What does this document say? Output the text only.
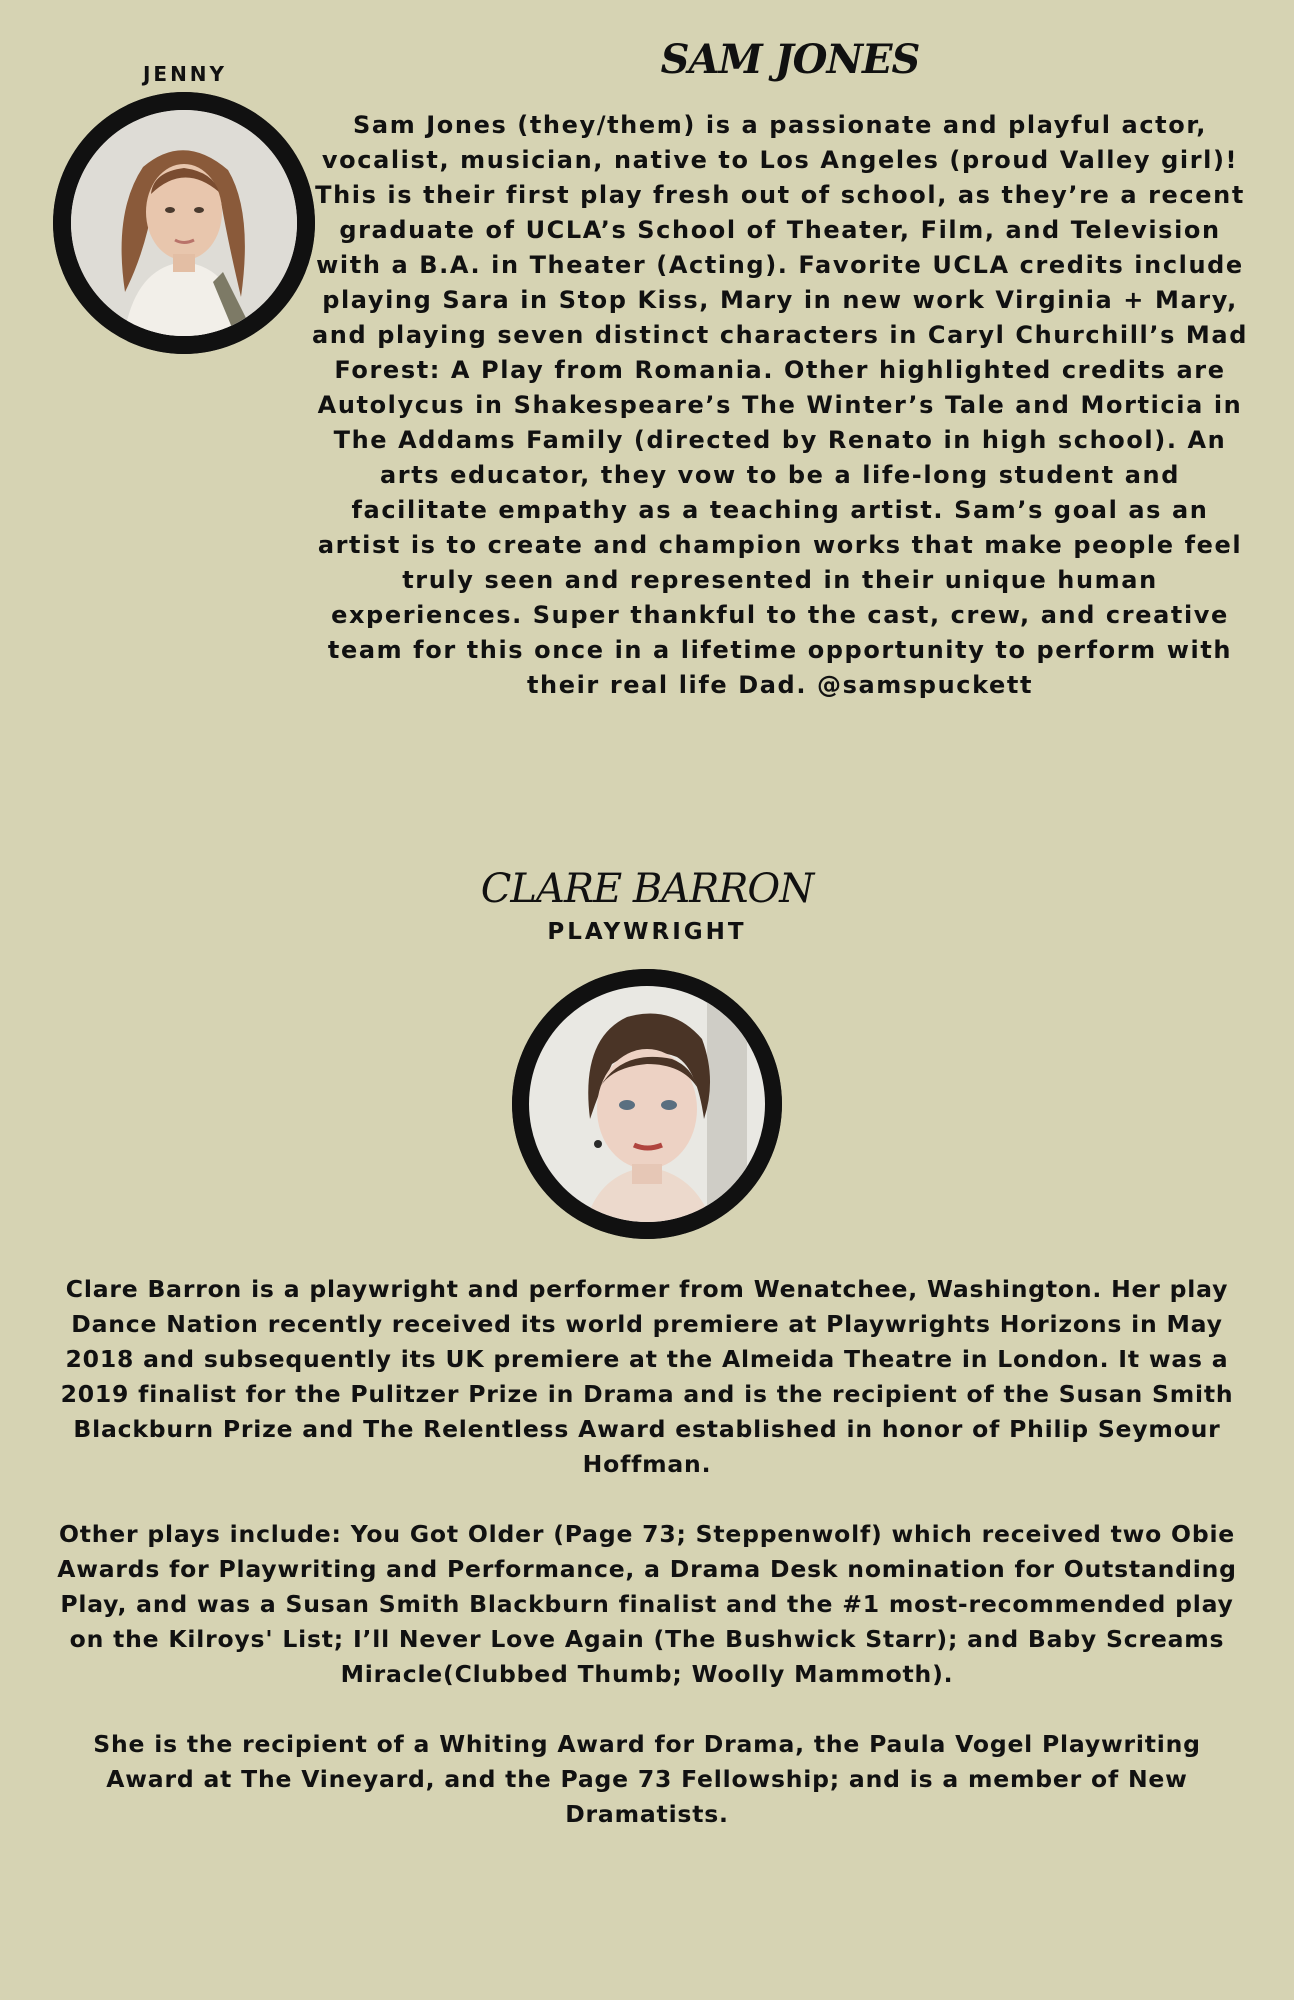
JENNY	SAM JONES

Sam Jones (they/them) is a passionate and playful actor, vocalist, musician, native to Los Angeles (proud Valley girl)! This is their first play fresh out of school, as they’re a recent graduate of UCLA’s School of Theater, Film, and Television with a B.A. in Theater (Acting). Favorite UCLA credits include playing Sara in Stop Kiss, Mary in new work Virginia + Mary, and playing seven distinct characters in Caryl Churchill’s Mad Forest: A Play from Romania. Other highlighted credits are Autolycus in Shakespeare’s The Winter’s Tale and Morticia in The Addams Family (directed by Renato in high school). An arts educator, they vow to be a life-long student and facilitate empathy as a teaching artist. Sam’s goal as an artist is to create and champion works that make people feel truly seen and represented in their unique human experiences. Super thankful to the cast, crew, and creative team for this once in a lifetime opportunity to perform with their real life Dad. @samspuckett

CLARE BARRON
PLAYWRIGHT

Clare Barron is a playwright and performer from Wenatchee, Washington. Her play Dance Nation recently received its world premiere at Playwrights Horizons in May 2018 and subsequently its UK premiere at the Almeida Theatre in London. It was a 2019 finalist for the Pulitzer Prize in Drama and is the recipient of the Susan Smith Blackburn Prize and The Relentless Award established in honor of Philip Seymour Hoffman.

Other plays include: You Got Older (Page 73; Steppenwolf) which received two Obie Awards for Playwriting and Performance, a Drama Desk nomination for Outstanding Play, and was a Susan Smith Blackburn finalist and the #1 most-recommended play on the Kilroys' List; I’ll Never Love Again (The Bushwick Starr); and Baby Screams Miracle(Clubbed Thumb; Woolly Mammoth).

She is the recipient of a Whiting Award for Drama, the Paula Vogel Playwriting Award at The Vineyard, and the Page 73 Fellowship; and is a member of New Dramatists.
